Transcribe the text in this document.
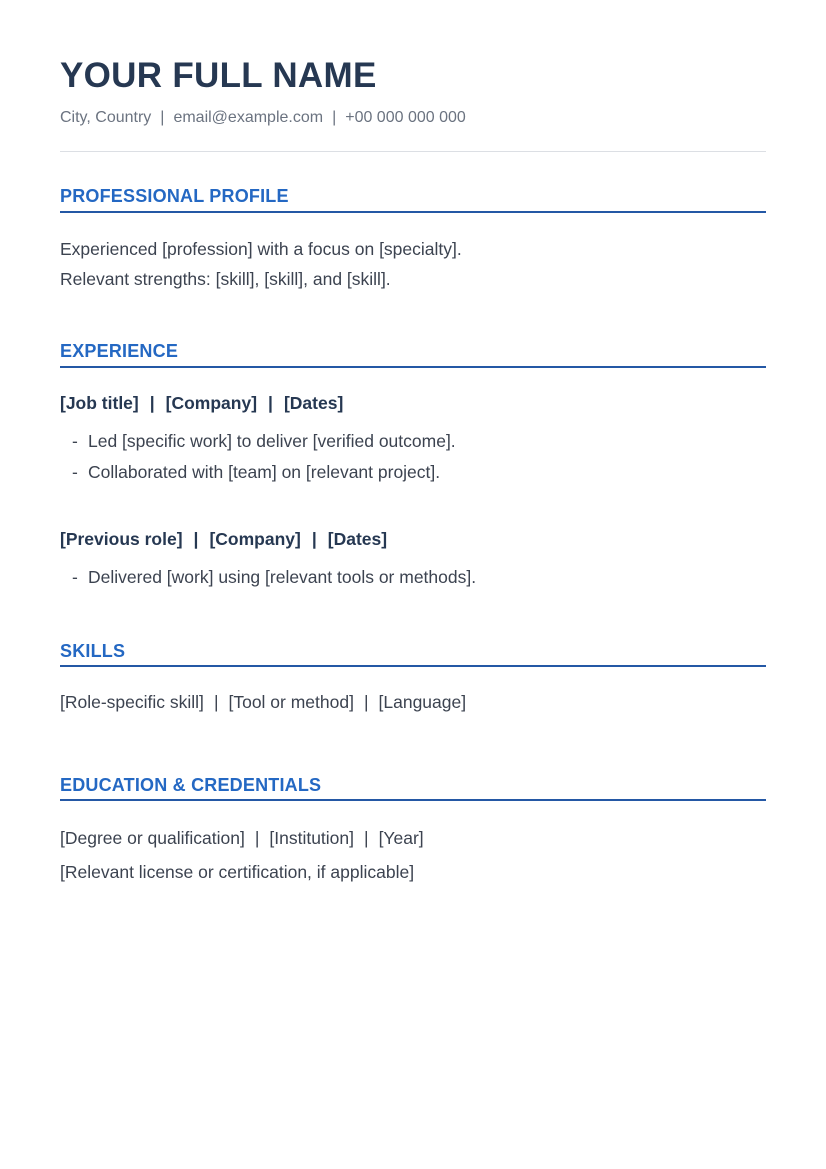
YOUR FULL NAME
City, Country | email@example.com | +00 000 000 000
PROFESSIONAL PROFILE
Experienced [profession] with a focus on [specialty].
Relevant strengths: [skill], [skill], and [skill].
EXPERIENCE
[Job title] | [Company] | [Dates]
- Led [specific work] to deliver [verified outcome].
- Collaborated with [team] on [relevant project].
[Previous role] | [Company] | [Dates]
- Delivered [work] using [relevant tools or methods].
SKILLS
[Role-specific skill] | [Tool or method] | [Language]
EDUCATION & CREDENTIALS
[Degree or qualification] | [Institution] | [Year]
[Relevant license or certification, if applicable]
